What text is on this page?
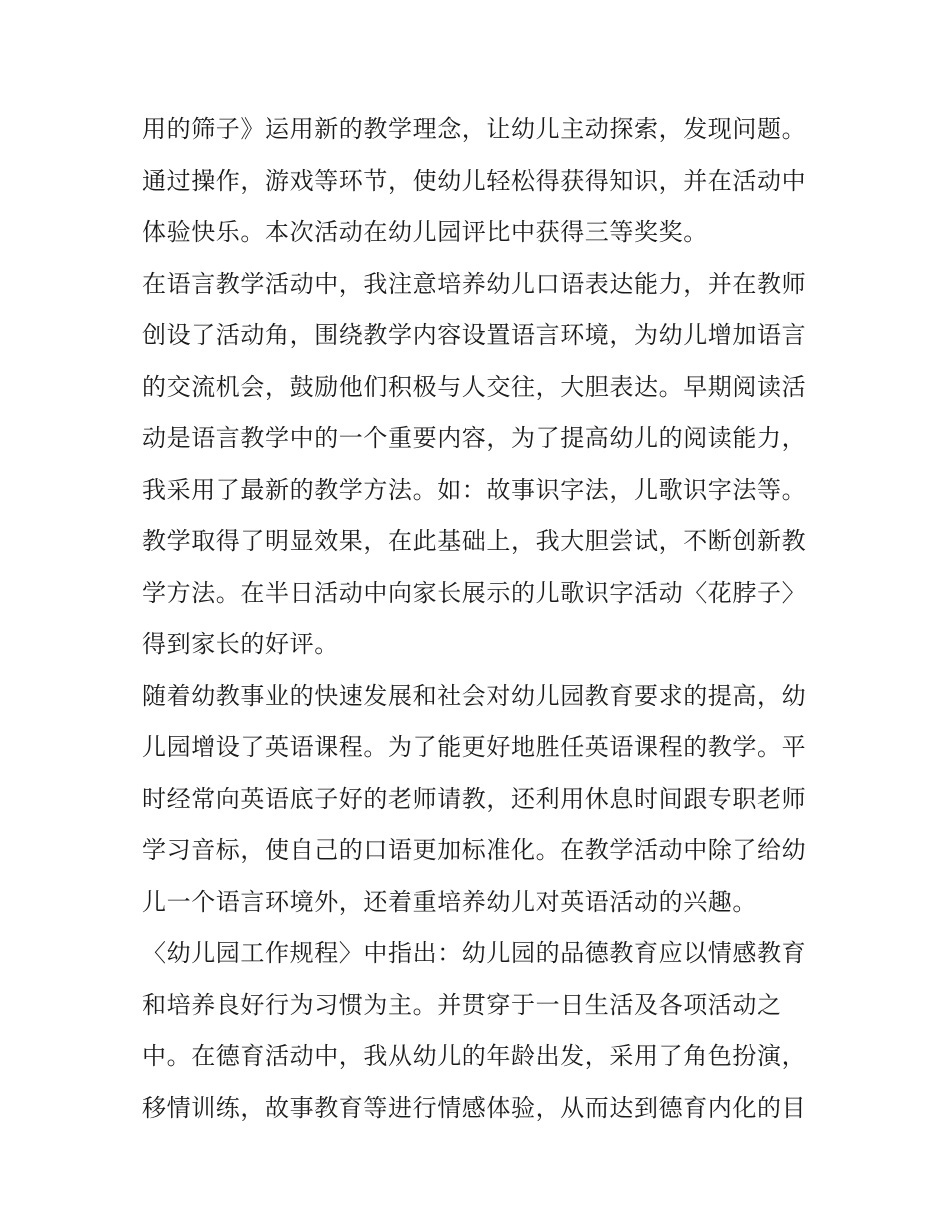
用的筛子》运用新的教学理念，让幼儿主动探索，发现问题。
通过操作，游戏等环节，使幼儿轻松得获得知识，并在活动中
体验快乐。本次活动在幼儿园评比中获得三等奖奖。
在语言教学活动中，我注意培养幼儿口语表达能力，并在教师
创设了活动角，围绕教学内容设置语言环境，为幼儿增加语言
的交流机会，鼓励他们积极与人交往，大胆表达。早期阅读活
动是语言教学中的一个重要内容，为了提高幼儿的阅读能力，
我采用了最新的教学方法。如：故事识字法，儿歌识字法等。
教学取得了明显效果，在此基础上，我大胆尝试，不断创新教
学方法。在半日活动中向家长展示的儿歌识字活动〈花脖子〉
得到家长的好评。
随着幼教事业的快速发展和社会对幼儿园教育要求的提高，幼
儿园增设了英语课程。为了能更好地胜任英语课程的教学。平
时经常向英语底子好的老师请教，还利用休息时间跟专职老师
学习音标，使自己的口语更加标准化。在教学活动中除了给幼
儿一个语言环境外，还着重培养幼儿对英语活动的兴趣。
〈幼儿园工作规程〉中指出：幼儿园的品德教育应以情感教育
和培养良好行为习惯为主。并贯穿于一日生活及各项活动之
中。在德育活动中，我从幼儿的年龄出发，采用了角色扮演，
移情训练，故事教育等进行情感体验，从而达到德育内化的目
